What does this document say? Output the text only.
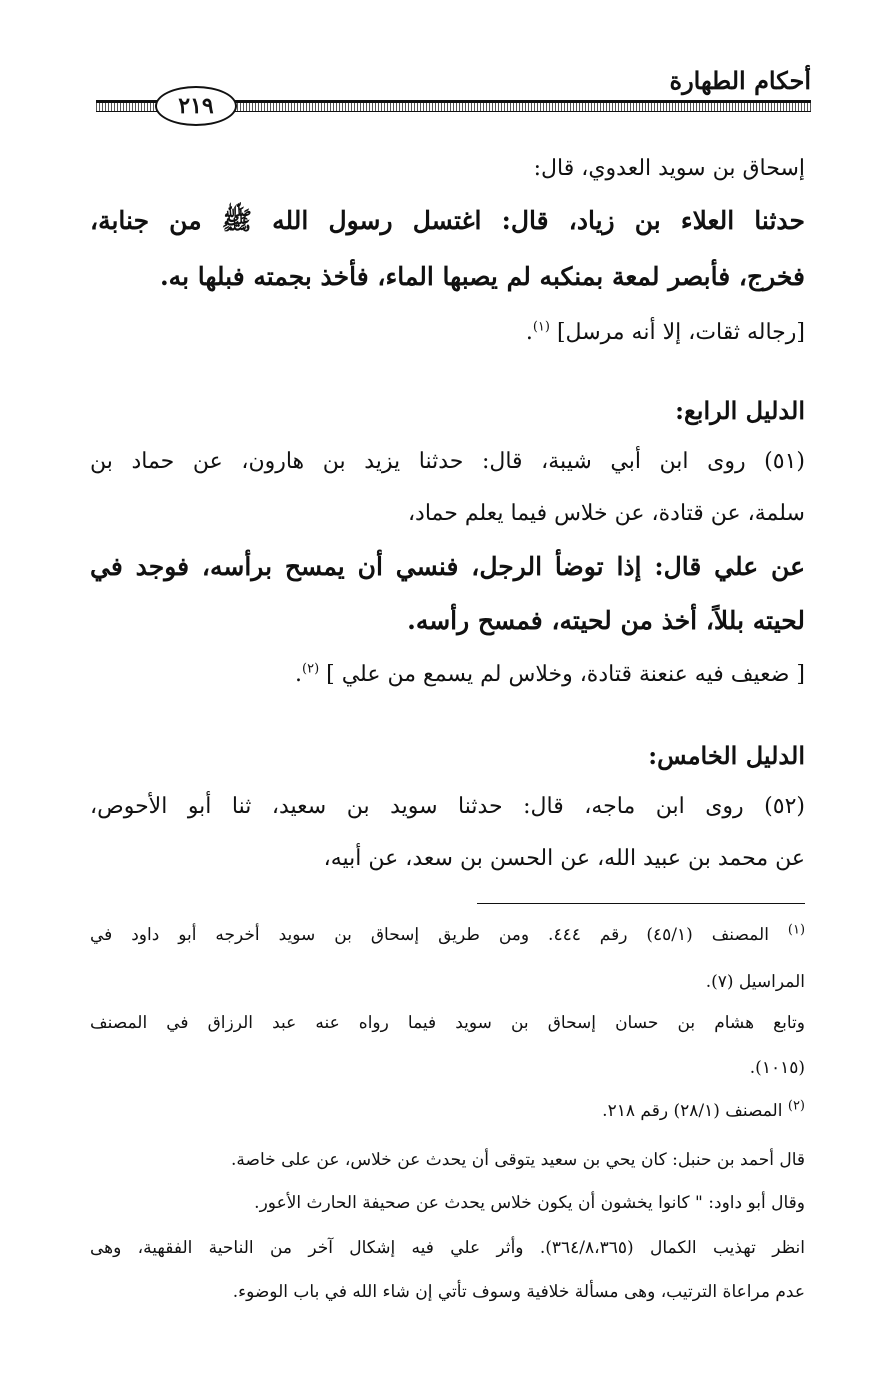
أحكام الطهارة
٢١٩
إسحاق بن سويد العدوي، قال:
حدثنا العلاء بن زياد، قال: اغتسل رسول الله ﷺ من جنابة،
فخرج، فأبصر لمعة بمنكبه لم يصبها الماء، فأخذ بجمته فبلها به.
[رجاله ثقات، إلا أنه مرسل] $^{(١)}$.
الدليل الرابع:
(٥١) روى ابن أبي شيبة، قال: حدثنا يزيد بن هارون، عن حماد بن
سلمة، عن قتادة، عن خلاس فيما يعلم حماد،
عن علي قال: إذا توضأ الرجل، فنسي أن يمسح برأسه، فوجد في
لحيته بللاً، أخذ من لحيته، فمسح رأسه.
[ ضعيف فيه عنعنة قتادة، وخلاس لم يسمع من علي ] $^{(٢)}$.
الدليل الخامس:
(٥٢) روى ابن ماجه، قال: حدثنا سويد بن سعيد، ثنا أبو الأحوص،
عن محمد بن عبيد الله، عن الحسن بن سعد، عن أبيه،
$^{(١)}$ المصنف (٤٥/١) رقم ٤٤٤. ومن طريق إسحاق بن سويد أخرجه أبو داود في
المراسيل (٧).
وتابع هشام بن حسان إسحاق بن سويد فيما رواه عنه عبد الرزاق في المصنف
(١٠١٥).
$^{(٢)}$ المصنف (٢٨/١) رقم ٢١٨.
قال أحمد بن حنبل: كان يحي بن سعيد يتوقى أن يحدث عن خلاس، عن على خاصة.
وقال أبو داود: " كانوا يخشون أن يكون خلاس يحدث عن صحيفة الحارث الأعور.
انظر تهذيب الكمال (٣٦٤/٨،٣٦٥). وأثر علي فيه إشكال آخر من الناحية الفقهية، وهى
عدم مراعاة الترتيب، وهى مسألة خلافية وسوف تأتي إن شاء الله في باب الوضوء.
